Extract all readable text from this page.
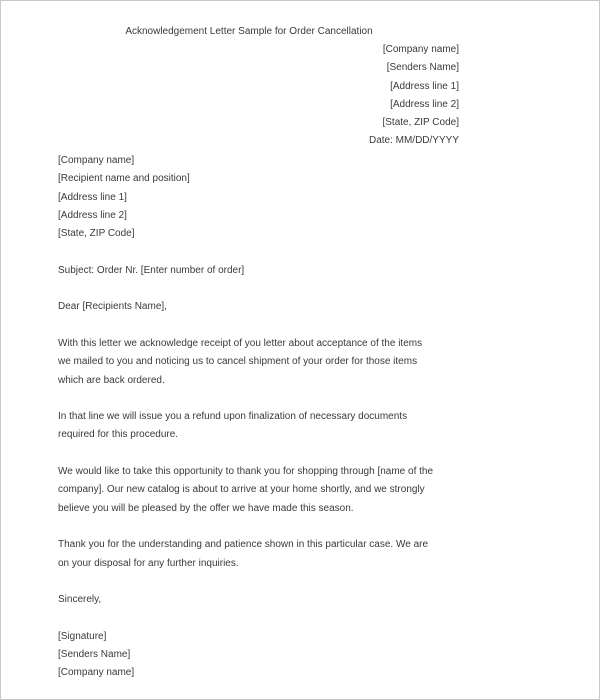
Acknowledgement Letter Sample for Order Cancellation
[Company name]
[Senders Name]
[Address line 1]
[Address line 2]
[State, ZIP Code]
Date: MM/DD/YYYY
[Company name]
[Recipient name and position]
[Address line 1]
[Address line 2]
[State, ZIP Code]
Subject: Order Nr. [Enter number of order]
Dear [Recipients Name],
With this letter we acknowledge receipt of you letter about acceptance of the items
we mailed to you and noticing us to cancel shipment of your order for those items
which are back ordered.
In that line we will issue you a refund upon finalization of necessary documents
required for this procedure.
We would like to take this opportunity to thank you for shopping through [name of the
company]. Our new catalog is about to arrive at your home shortly, and we strongly
believe you will be pleased by the offer we have made this season.
Thank you for the understanding and patience shown in this particular case. We are
on your disposal for any further inquiries.
Sincerely,
[Signature]
[Senders Name]
[Company name]
